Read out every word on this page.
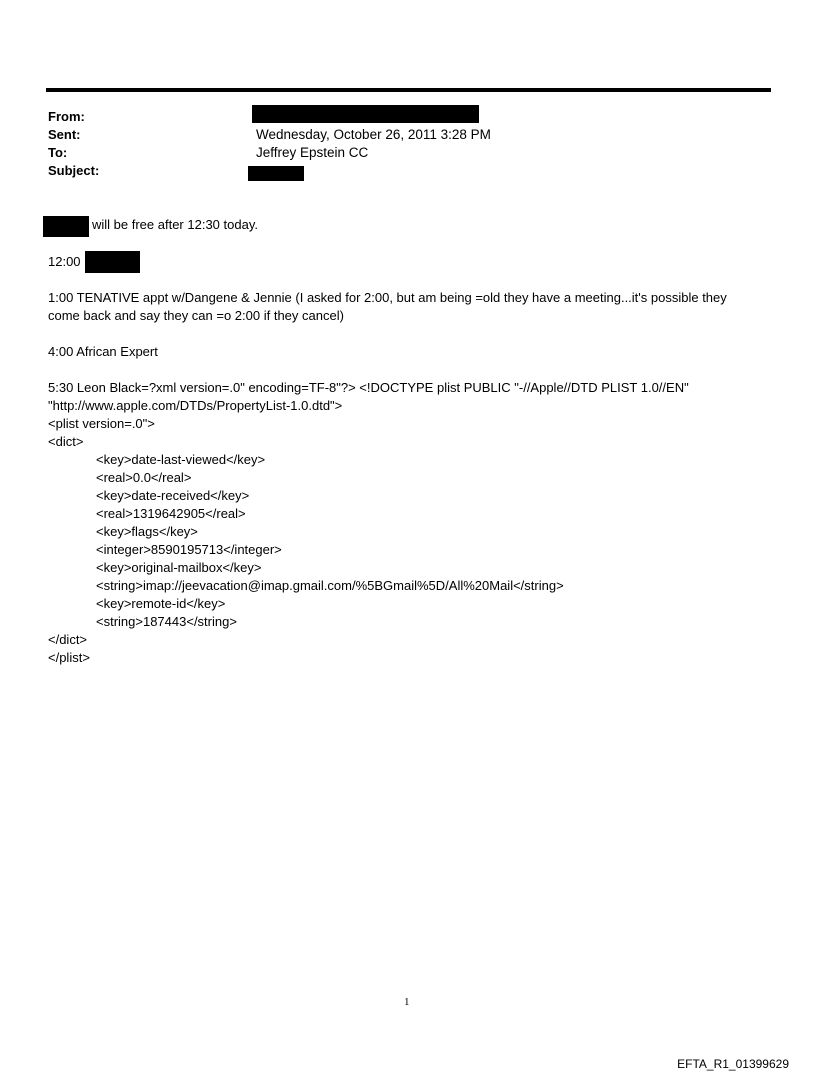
From:
Sent:	Wednesday, October 26, 2011 3:28 PM
To:	Jeffrey Epstein CC
Subject:
will be free after 12:30 today.
12:00
1:00 TENATIVE appt w/Dangene & Jennie (I asked for 2:00, but am being =old they have a meeting...it's possible they
come back and say they can =o 2:00 if they cancel)
4:00 African Expert
5:30 Leon Black=?xml version=.0" encoding=TF-8"?> <!DOCTYPE plist PUBLIC "-//Apple//DTD PLIST 1.0//EN"
"http://www.apple.com/DTDs/PropertyList-1.0.dtd">
<plist version=.0">
<dict>
<key>date-last-viewed</key>
<real>0.0</real>
<key>date-received</key>
<real>1319642905</real>
<key>flags</key>
<integer>8590195713</integer>
<key>original-mailbox</key>
<string>imap://jeevacation@imap.gmail.com/%5BGmail%5D/All%20Mail</string>
<key>remote-id</key>
<string>187443</string>
</dict>
</plist>
1
EFTA_R1_01399629
